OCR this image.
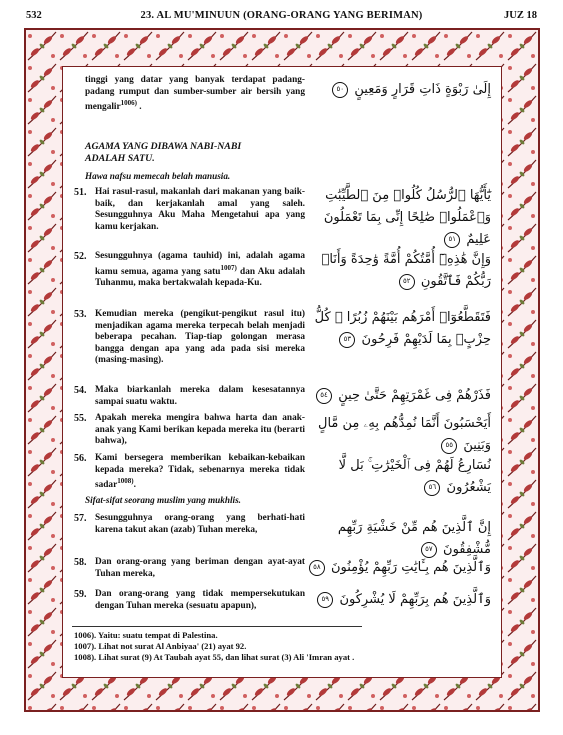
532	23. AL MU'MINUUN (ORANG-ORANG YANG BERIMAN)	JUZ 18
tinggi yang datar yang banyak terdapat padang-padang rumput dan sumber-sumber air bersih yang mengalir$^{1006)}$ .
إِلَىٰ رَبْوَةٍ ذَاتِ قَرَارٍ وَمَعِينٍ ٥٠
AGAMA YANG DIBAWA NABI-NABI
ADALAH SATU.
Hawa nafsu memecah belah manusia.
51. Hai rasul-rasul, makanlah dari makanan yang baik-baik, dan kerjakanlah amal yang saleh. Sesungguhnya Aku Maha Mengetahui apa yang kamu kerjakan.
يَٰٓأَيُّهَا ٱلرُّسُلُ كُلُوا۟ مِنَ ٱلطَّيِّبَٰتِ وَٱعْمَلُوا۟ صَٰلِحًا إِنِّى بِمَا تَعْمَلُونَ عَلِيمٌ ٥١
52. Sesungguhnya (agama tauhid) ini, adalah agama kamu semua, agama yang satu$^{1007)}$ dan Aku adalah Tuhanmu, maka bertakwalah kepada-Ku.
وَإِنَّ هَٰذِهِۦٓ أُمَّتُكُمْ أُمَّةً وَٰحِدَةً وَأَنَا۠ رَبُّكُمْ فَٱتَّقُونِ ٥٢
53. Kemudian mereka (pengikut-pengikut rasul itu) menjadikan agama mereka terpecah belah menjadi beberapa pecahan. Tiap-tiap golongan merasa bangga dengan apa yang ada pada sisi mereka (masing-masing).
فَتَقَطَّعُوٓا۟ أَمْرَهُم بَيْنَهُمْ زُبُرًا ۖ كُلُّ حِزْبٍۭ بِمَا لَدَيْهِمْ فَرِحُونَ ٥٣
54. Maka biarkanlah mereka dalam kesesatannya sampai suatu waktu.	فَذَرْهُمْ فِى غَمْرَتِهِمْ حَتَّىٰ حِينٍ ٥٤
55. Apakah mereka mengira bahwa harta dan anak-anak yang Kami berikan kepada mereka itu (berarti bahwa),
أَيَحْسَبُونَ أَنَّمَا نُمِدُّهُم بِهِۦ مِن مَّالٍ وَبَنِينَ ٥٥
56. Kami bersegera memberikan kebaikan-kebaikan kepada mereka? Tidak, sebenarnya mereka tidak sadar$^{1008)}$.
نُسَارِعُ لَهُمْ فِى ٱلْخَيْرَٰتِ ۚ بَل لَّا يَشْعُرُونَ ٥٦
Sifat-sifat seorang muslim yang mukhlis.
57. Sesungguhnya orang-orang yang berhati-hati karena takut akan (azab) Tuhan mereka,	إِنَّ ٱلَّذِينَ هُم مِّنْ خَشْيَةِ رَبِّهِم مُّشْفِقُونَ ٥٧
58. Dan orang-orang yang beriman dengan ayat-ayat Tuhan mereka,	وَٱلَّذِينَ هُم بِـَٔايَٰتِ رَبِّهِمْ يُؤْمِنُونَ ٥٨
59. Dan orang-orang yang tidak mempersekutukan dengan Tuhan mereka (sesuatu apapun),	وَٱلَّذِينَ هُم بِرَبِّهِمْ لَا يُشْرِكُونَ ٥٩
1006). Yaitu: suatu tempat di Palestina.
1007). Lihat not surat Al Anbiyaa' (21) ayat 92.
1008). Lihat surat (9) At Taubah ayat 55, dan lihat surat (3) Ali 'Imran ayat .
